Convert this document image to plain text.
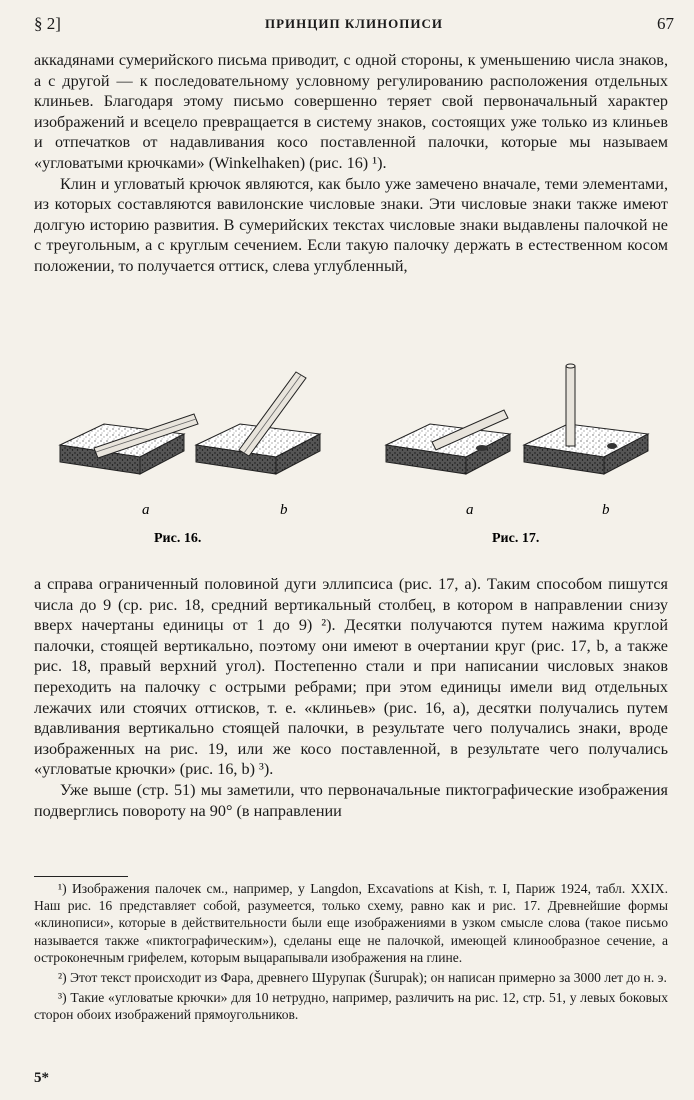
§ 2]	ПРИНЦИП КЛИНОПИСИ	67

аккадянами сумерийского письма приводит, с одной стороны, к уменьшению числа знаков, а с другой — к последовательному условному регулированию расположения отдельных клиньев. Благодаря этому письмо совершенно теряет свой первоначальный характер изображений и всецело превращается в систему знаков, состоящих уже только из клиньев и отпечатков от надавливания косо поставленной палочки, которые мы называем «угловатыми крючками» (Winkelhaken) (рис. 16) ¹).

Клин и угловатый крючок являются, как было уже замечено вначале, теми элементами, из которых составляются вавилонские числовые знаки. Эти числовые знаки также имеют долгую историю развития. В сумерийских текстах числовые знаки выдавлены палочкой не с треугольным, а с круглым сечением. Если такую палочку держать в естественном косом положении, то получается оттиск, слева углубленный,

a	b
Рис. 16.
a	b
Рис. 17.

а справа ограниченный половиной дуги эллипсиса (рис. 17, a). Таким способом пишутся числа до 9 (ср. рис. 18, средний вертикальный столбец, в котором в направлении снизу вверх начертаны единицы от 1 до 9) ²). Десятки получаются путем нажима круглой палочки, стоящей вертикально, поэтому они имеют в очертании круг (рис. 17, b, а также рис. 18, правый верхний угол). Постепенно стали и при написании числовых знаков переходить на палочку с острыми ребрами; при этом единицы имели вид отдельных лежачих или стоячих оттисков, т. е. «клиньев» (рис. 16, a), десятки получались путем вдавливания вертикально стоящей палочки, в результате чего получались знаки, вроде изображенных на рис. 19, или же косо поставленной, в результате чего получались «угловатые крючки» (рис. 16, b) ³).

Уже выше (стр. 51) мы заметили, что первоначальные пиктографические изображения подверглись повороту на 90° (в направлении

¹) Изображения палочек см., например, у Langdon, Excavations at Kish, т. I, Париж 1924, табл. XXIX. Наш рис. 16 представляет собой, разумеется, только схему, равно как и рис. 17. Древнейшие формы «клинописи», которые в действительности были еще изображениями в узком смысле слова (такое письмо называется также «пиктографическим»), сделаны еще не палочкой, имеющей клинообразное сечение, а остроконечным грифелем, которым выцарапывали изображения на глине.

²) Этот текст происходит из Фара, древнего Шурупак (Šurupak); он написан примерно за 3000 лет до н. э.

³) Такие «угловатые крючки» для 10 нетрудно, например, различить на рис. 12, стр. 51, у левых боковых сторон обоих изображений прямоугольников.

5*
